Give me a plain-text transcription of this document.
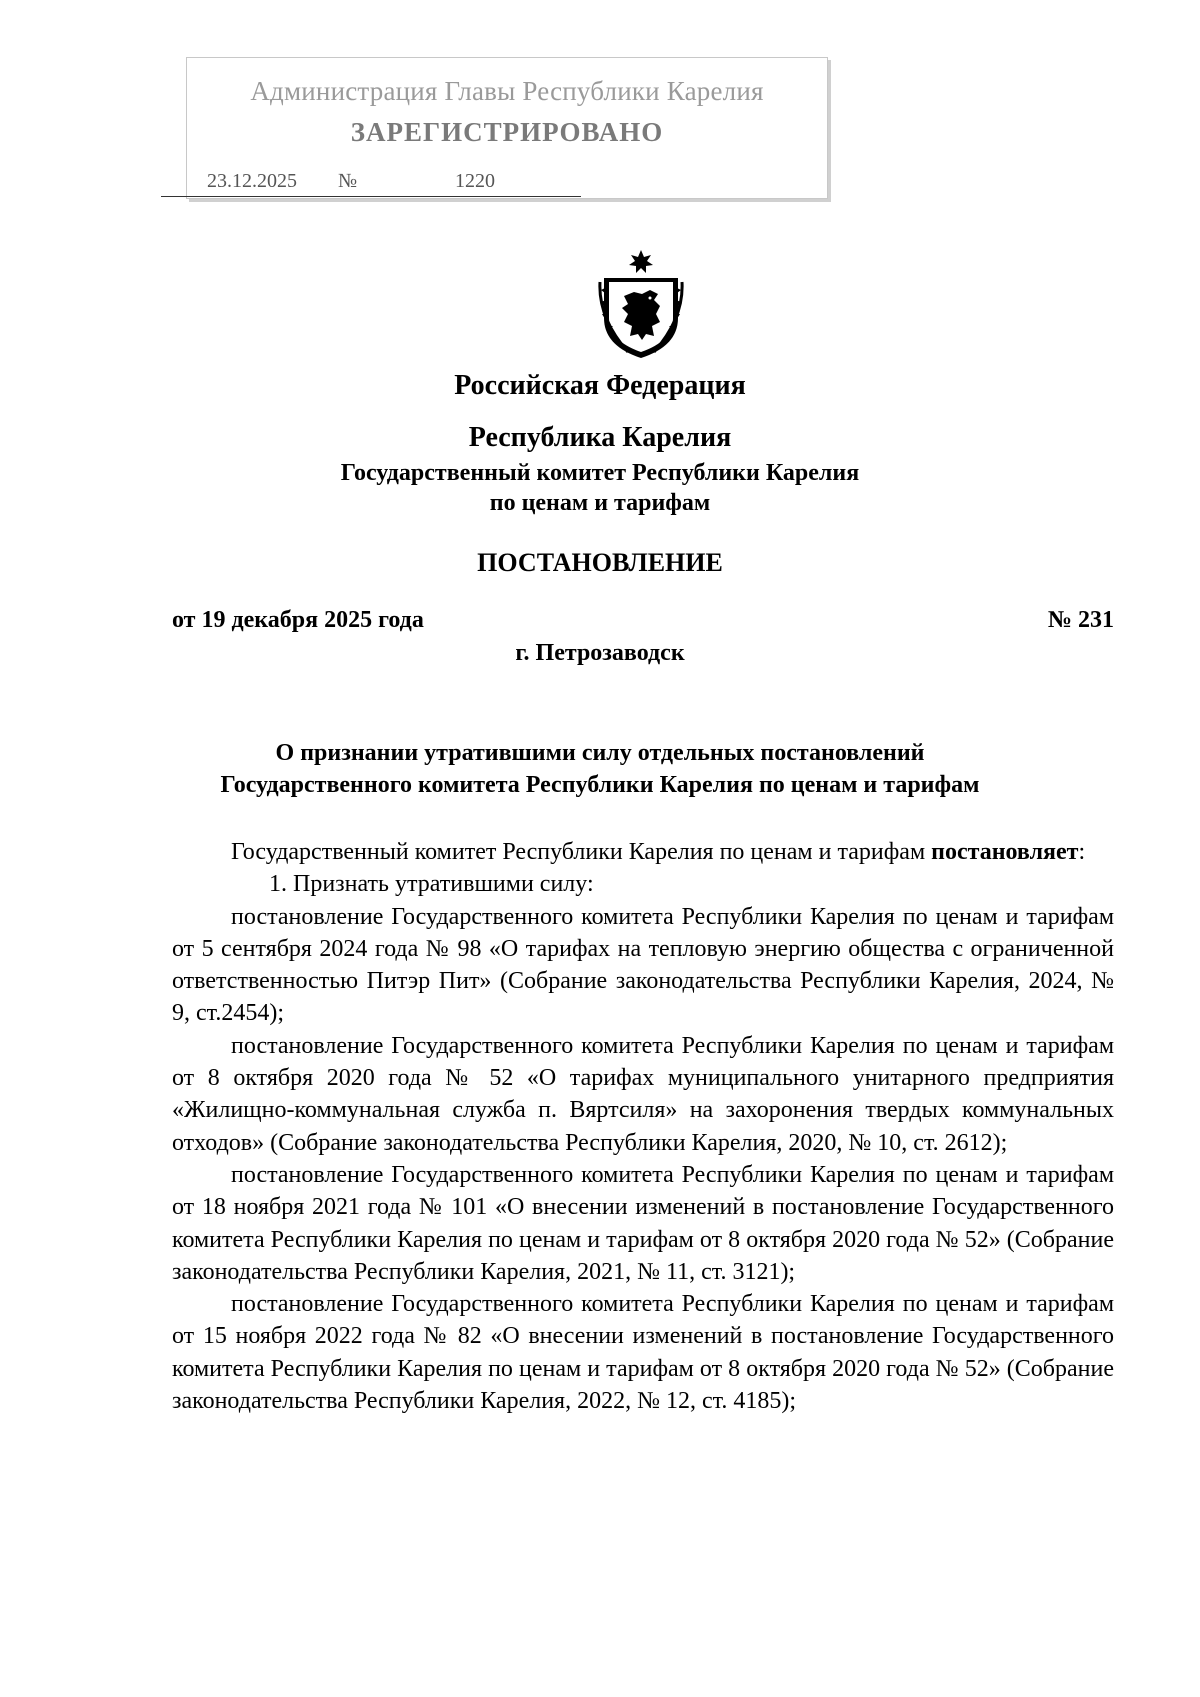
Администрация Главы Республики Карелия
ЗАРЕГИСТРИРОВАНО
23.12.2025 №	1220
Российская Федерация
Республика Карелия
Государственный комитет Республики Карелия
по ценам и тарифам
ПОСТАНОВЛЕНИЕ
от 19 декабря 2025 года	№ 231
г. Петрозаводск
О признании утратившими силу отдельных постановлений
Государственного комитета Республики Карелия по ценам и тарифам

Государственный комитет Республики Карелия по ценам и тарифам постановляет:

1. Признать утратившими силу:

постановление Государственного комитета Республики Карелия по ценам и тарифам от 5 сентября 2024 года № 98 «О тарифах на тепловую энергию общества с ограниченной ответственностью Питэр Пит» (Собрание законодательства Республики Карелия, 2024, № 9, ст.2454);

постановление Государственного комитета Республики Карелия по ценам и тарифам от 8 октября 2020 года № 52 «О тарифах муниципального унитарного предприятия «Жилищно-коммунальная служба п. Вяртсиля» на захоронения твердых коммунальных отходов» (Собрание законодательства Республики Карелия, 2020, № 10, ст. 2612);

постановление Государственного комитета Республики Карелия по ценам и тарифам от 18 ноября 2021 года № 101 «О внесении изменений в постановление Государственного комитета Республики Карелия по ценам и тарифам от 8 октября 2020 года № 52» (Собрание законодательства Республики Карелия, 2021, № 11, ст. 3121);

постановление Государственного комитета Республики Карелия по ценам и тарифам от 15 ноября 2022 года № 82 «О внесении изменений в постановление Государственного комитета Республики Карелия по ценам и тарифам от 8 октября 2020 года № 52» (Собрание законодательства Республики Карелия, 2022, № 12, ст. 4185);
